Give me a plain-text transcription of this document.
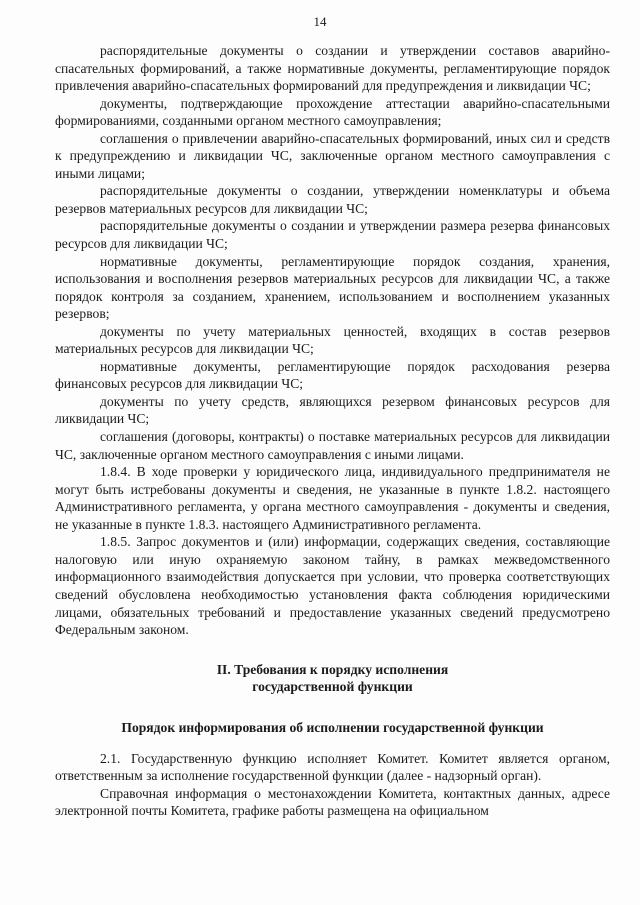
14

распорядительные документы о создании и утверждении составов аварийно-спасательных формирований, а также нормативные документы, регламентирующие порядок привлечения аварийно-спасательных формирований для предупреждения и ликвидации ЧС;

документы, подтверждающие прохождение аттестации аварийно-спасательными формированиями, созданными органом местного самоуправления;

соглашения о привлечении аварийно-спасательных формирований, иных сил и средств к предупреждению и ликвидации ЧС, заключенные органом местного самоуправления с иными лицами;

распорядительные документы о создании, утверждении номенклатуры и объема резервов материальных ресурсов для ликвидации ЧС;

распорядительные документы о создании и утверждении размера резерва финансовых ресурсов для ликвидации ЧС;

нормативные документы, регламентирующие порядок создания, хранения, использования и восполнения резервов материальных ресурсов для ликвидации ЧС, а также порядок контроля за созданием, хранением, использованием и восполнением указанных резервов;

документы по учету материальных ценностей, входящих в состав резервов материальных ресурсов для ликвидации ЧС;

нормативные документы, регламентирующие порядок расходования резерва финансовых ресурсов для ликвидации ЧС;

документы по учету средств, являющихся резервом финансовых ресурсов для ликвидации ЧС;

соглашения (договоры, контракты) о поставке материальных ресурсов для ликвидации ЧС, заключенные органом местного самоуправления с иными лицами.

1.8.4. В ходе проверки у юридического лица, индивидуального предпринимателя не могут быть истребованы документы и сведения, не указанные в пункте 1.8.2. настоящего Административного регламента, у органа местного самоуправления - документы и сведения, не указанные в пункте 1.8.3. настоящего Административного регламента.

1.8.5. Запрос документов и (или) информации, содержащих сведения, составляющие налоговую или иную охраняемую законом тайну, в рамках межведомственного информационного взаимодействия допускается при условии, что проверка соответствующих сведений обусловлена необходимостью установления факта соблюдения юридическими лицами, обязательных требований и предоставление указанных сведений предусмотрено Федеральным законом.

II. Требования к порядку исполнения
государственной функции
Порядок информирования об исполнении государственной функции

2.1. Государственную функцию исполняет Комитет. Комитет является органом, ответственным за исполнение государственной функции (далее - надзорный орган).

Справочная информация о местонахождении Комитета, контактных данных, адресе электронной почты Комитета, графике работы размещена на официальном
